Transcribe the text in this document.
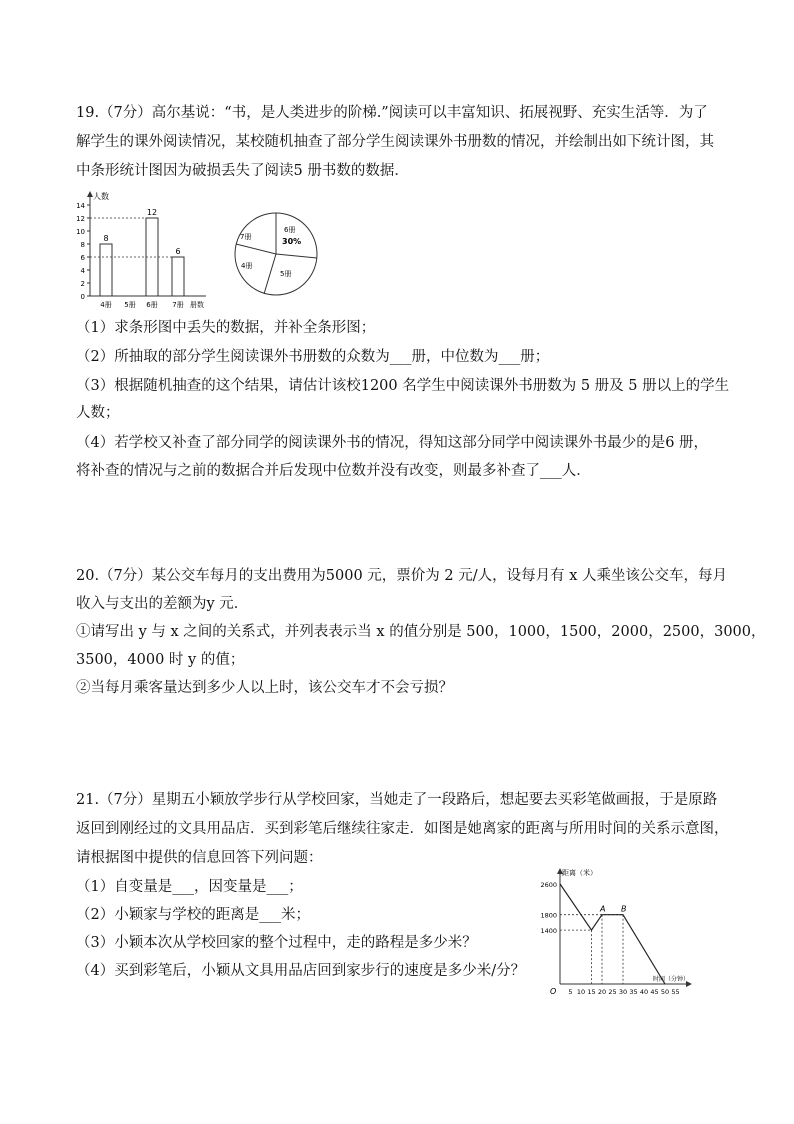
19.（7分）高尔基说：“书，是人类进步的阶梯.”阅读可以丰富知识、拓展视野、充实生活等．为了
解学生的课外阅读情况，某校随机抽查了部分学生阅读课外书册数的情况，并绘制出如下统计图，其
中条形统计图因为破损丢失了阅读5 册书数的数据．
人数
册数
0
2
4
6
8
10
12
14
4册
8
5册 6册
12
7册
6
6册
30%
7册
4册
5册
（1）求条形图中丢失的数据，并补全条形图；
（2）所抽取的部分学生阅读课外书册数的众数为___册，中位数为___册；
（3）根据随机抽查的这个结果，请估计该校1200 名学生中阅读课外书册数为 5 册及 5 册以上的学生
人数；
（4）若学校又补查了部分同学的阅读课外书的情况，得知这部分同学中阅读课外书最少的是6 册，
将补查的情况与之前的数据合并后发现中位数并没有改变，则最多补查了___人．
20.（7分）某公交车每月的支出费用为5000 元，票价为 2 元/人，设每月有 x 人乘坐该公交车，每月
收入与支出的差额为y 元．
①请写出 y 与 x 之间的关系式，并列表表示当 x 的值分别是 500，1000，1500，2000，2500，3000，
3500，4000 时 y 的值；
②当每月乘客量达到多少人以上时，该公交车才不会亏损？
21.（7分）星期五小颖放学步行从学校回家，当她走了一段路后，想起要去买彩笔做画报，于是原路
返回到刚经过的文具用品店．买到彩笔后继续往家走．如图是她离家的距离与所用时间的关系示意图，
请根据图中提供的信息回答下列问题：
（1）自变量是___，因变量是___；
（2）小颖家与学校的距离是___米；
（3）小颖本次从学校回家的整个过程中，走的路程是多少米？
（4）买到彩笔后，小颖从文具用品店回到家步行的速度是多少米/分？
距离（米）
时间（分钟）
O
2600
1800
1400
5 10 15 20 25 30 35 40 45 50 55
A B
